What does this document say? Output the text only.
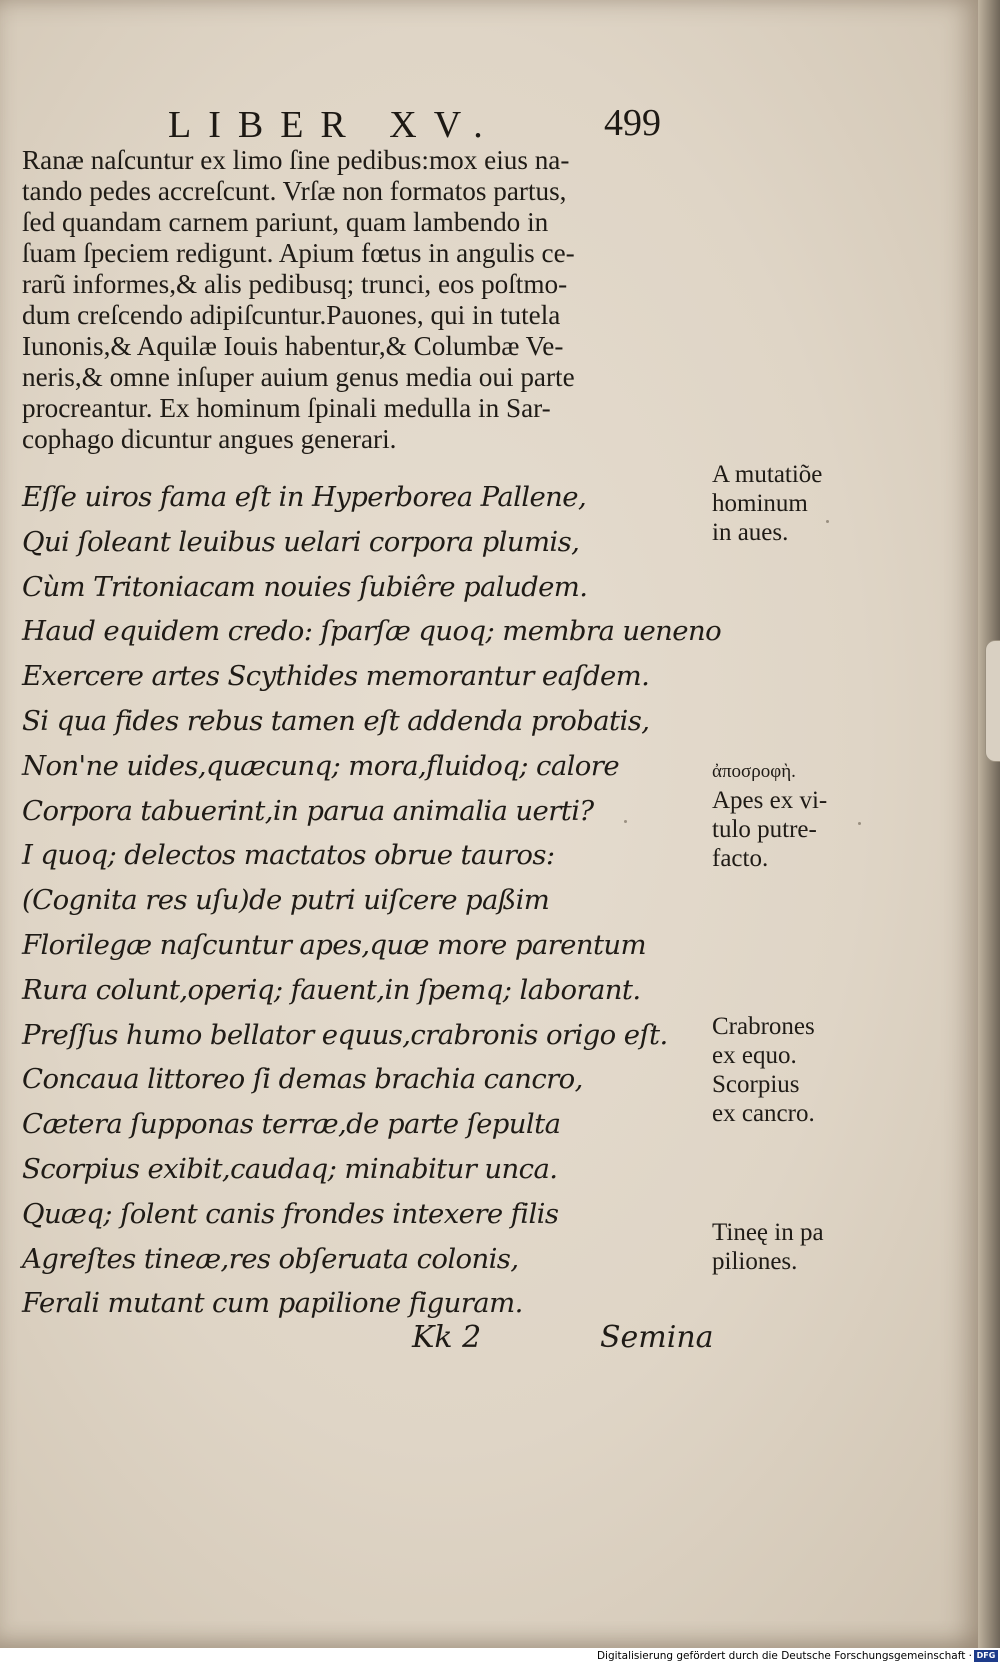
LIBER XV.	499
Ranæ naſcuntur ex limo ſine pedibus:mox eius na-
tando pedes accreſcunt. Vrſæ non formatos partus,
ſed quandam carnem pariunt, quam lambendo in
ſuam ſpeciem redigunt. Apium fœtus in angulis ce-
rarũ informes,& alis pedibusq; trunci, eos poſtmo-
dum creſcendo adipiſcuntur.Pauones, qui in tutela
Iunonis,& Aquilæ Iouis habentur,& Columbæ Ve-
neris,& omne inſuper auium genus media oui parte
procreantur. Ex hominum ſpinali medulla in Sar-
cophago dicuntur angues generari.
Eſſe uiros fama eſt in Hyperborea Pallene,
Qui ſoleant leuibus uelari corpora plumis,
Cùm Tritoniacam nouies ſubiêre paludem.
Haud equidem credo: ſparſæ quoq; membra ueneno
Exercere artes Scythides memorantur eaſdem.
Si qua fides rebus tamen eſt addenda probatis,
Non'ne uides,quæcunq; mora,fluidoq; calore
Corpora tabuerint,in parua animalia uerti?
I quoq; delectos mactatos obrue tauros:
(Cognita res uſu)de putri uiſcere paßim
Florilegæ naſcuntur apes,quæ more parentum
Rura colunt,operiq; fauent,in ſpemq; laborant.
Preſſus humo bellator equus,crabronis origo eſt.
Concaua littoreo ſi demas brachia cancro,
Cætera ſupponas terræ,de parte ſepulta
Scorpius exibit,caudaq; minabitur unca.
Quæq; ſolent canis frondes intexere filis
Agreſtes tineæ,res obſeruata colonis,
Ferali mutant cum papilione figuram.
A mutatiõe
hominum
in aues.
ἀποσροφὴ.
Apes ex vi-
tulo putre-
facto.
Crabrones
ex equo.
Scorpius
ex cancro.
Tineę in pa
piliones.
Kk 2	Semina
Digitalisierung gefördert durch die Deutsche Forschungsgemeinschaft · DFG
